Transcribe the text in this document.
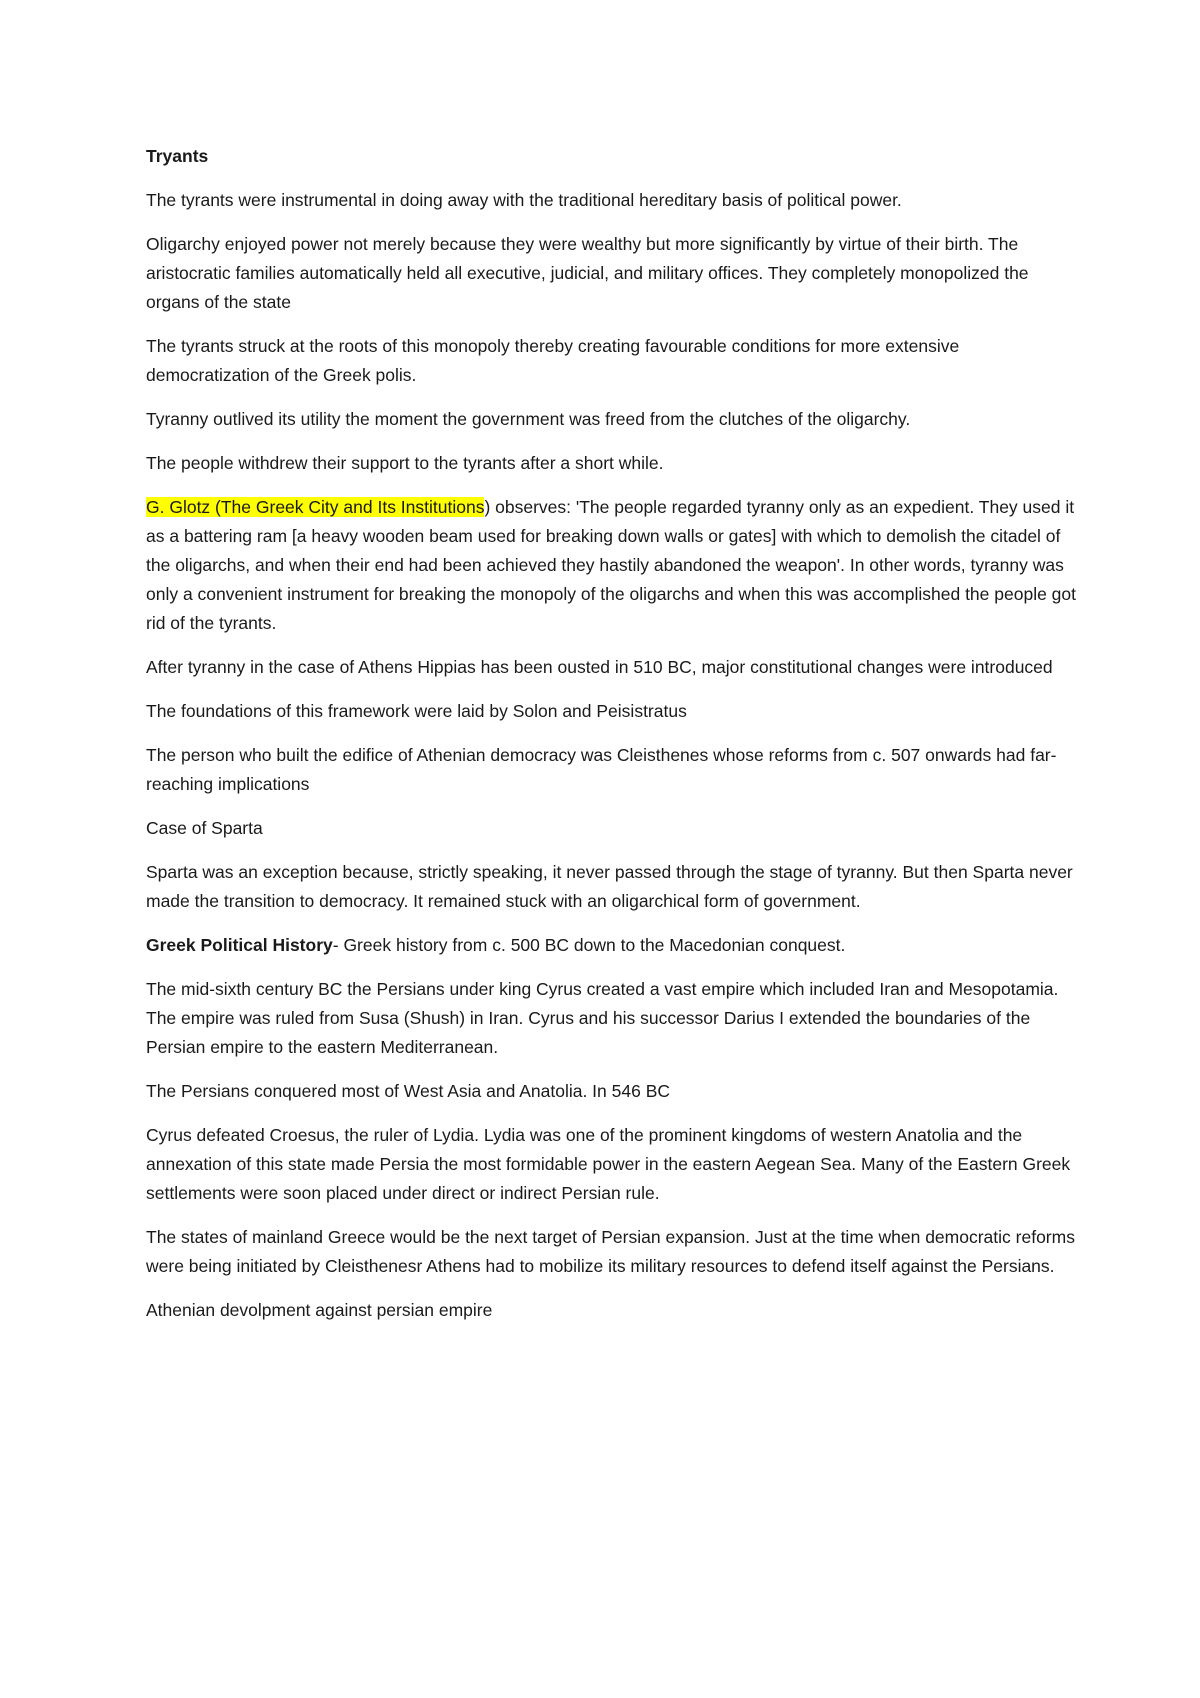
Tryants

The tyrants were instrumental in doing away with the traditional hereditary basis of political power.

Oligarchy enjoyed power not merely because they were wealthy but more significantly by virtue of their birth. The aristocratic families automatically held all executive, judicial, and military offices. They completely monopolized the organs of the state

The tyrants struck at the roots of this monopoly thereby creating favourable conditions for more extensive democratization of the Greek polis.

Tyranny outlived its utility the moment the government was freed from the clutches of the oligarchy.

The people withdrew their support to the tyrants after a short while.

G. Glotz (The Greek City and Its Institutions) observes: 'The people regarded tyranny only as an expedient. They used it as a battering ram [a heavy wooden beam used for breaking down walls or gates] with which to demolish the citadel of the oligarchs, and when their end had been achieved they hastily abandoned the weapon'. In other words, tyranny was only a convenient instrument for breaking the monopoly of the oligarchs and when this was accomplished the people got rid of the tyrants.

After tyranny in the case of Athens Hippias has been ousted in 510 BC, major constitutional changes were introduced

The foundations of this framework were laid by Solon and Peisistratus

The person who built the edifice of Athenian democracy was Cleisthenes whose reforms from c. 507 onwards had far-reaching implications

Case of Sparta

Sparta was an exception because, strictly speaking, it never passed through the stage of tyranny. But then Sparta never made the transition to democracy. It remained stuck with an oligarchical form of government.

Greek Political History- Greek history from c. 500 BC down to the Macedonian conquest.

The mid-sixth century BC the Persians under king Cyrus created a vast empire which included Iran and Mesopotamia. The empire was ruled from Susa (Shush) in Iran. Cyrus and his successor Darius I extended the boundaries of the Persian empire to the eastern Mediterranean.

The Persians conquered most of West Asia and Anatolia. In 546 BC

Cyrus defeated Croesus, the ruler of Lydia. Lydia was one of the prominent kingdoms of western Anatolia and the annexation of this state made Persia the most formidable power in the eastern Aegean Sea. Many of the Eastern Greek settlements were soon placed under direct or indirect Persian rule.

The states of mainland Greece would be the next target of Persian expansion. Just at the time when democratic reforms were being initiated by Cleisthenesr Athens had to mobilize its military resources to defend itself against the Persians.

Athenian devolpment against persian empire
